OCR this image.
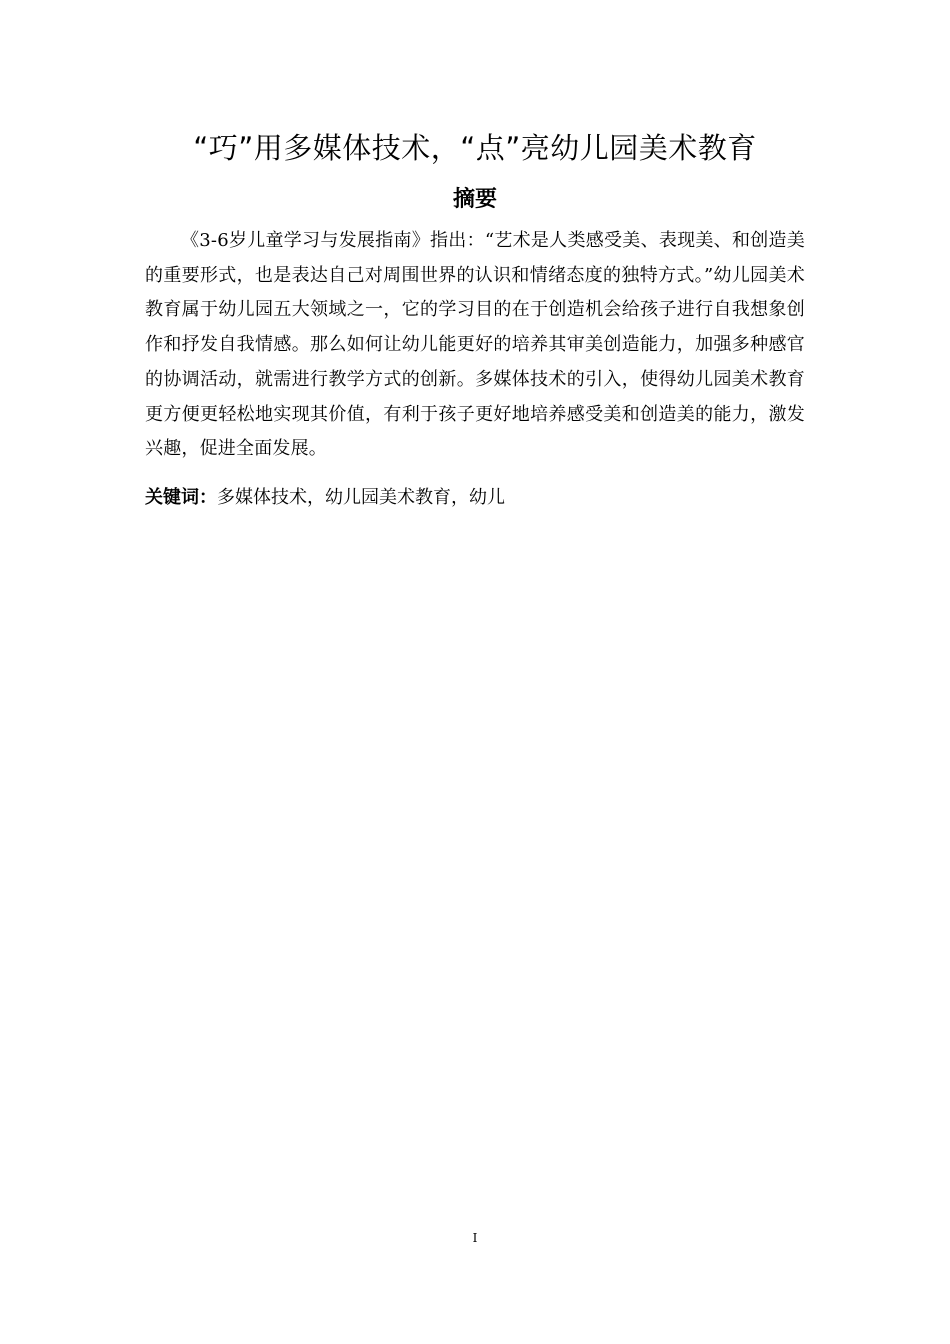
“巧”用多媒体技术，“点”亮幼儿园美术教育
摘要
《3-6岁儿童学习与发展指南》指出：“艺术是人类感受美、表现美、和创造美的重要形式，也是表达自己对周围世界的认识和情绪态度的独特方式。”幼儿园美术教育属于幼儿园五大领域之一，它的学习目的在于创造机会给孩子进行自我想象创作和抒发自我情感。那么如何让幼儿能更好的培养其审美创造能力，加强多种感官的协调活动，就需进行教学方式的创新。多媒体技术的引入，使得幼儿园美术教育更方便更轻松地实现其价值，有利于孩子更好地培养感受美和创造美的能力，激发兴趣，促进全面发展。
关键词：多媒体技术，幼儿园美术教育，幼儿
I
